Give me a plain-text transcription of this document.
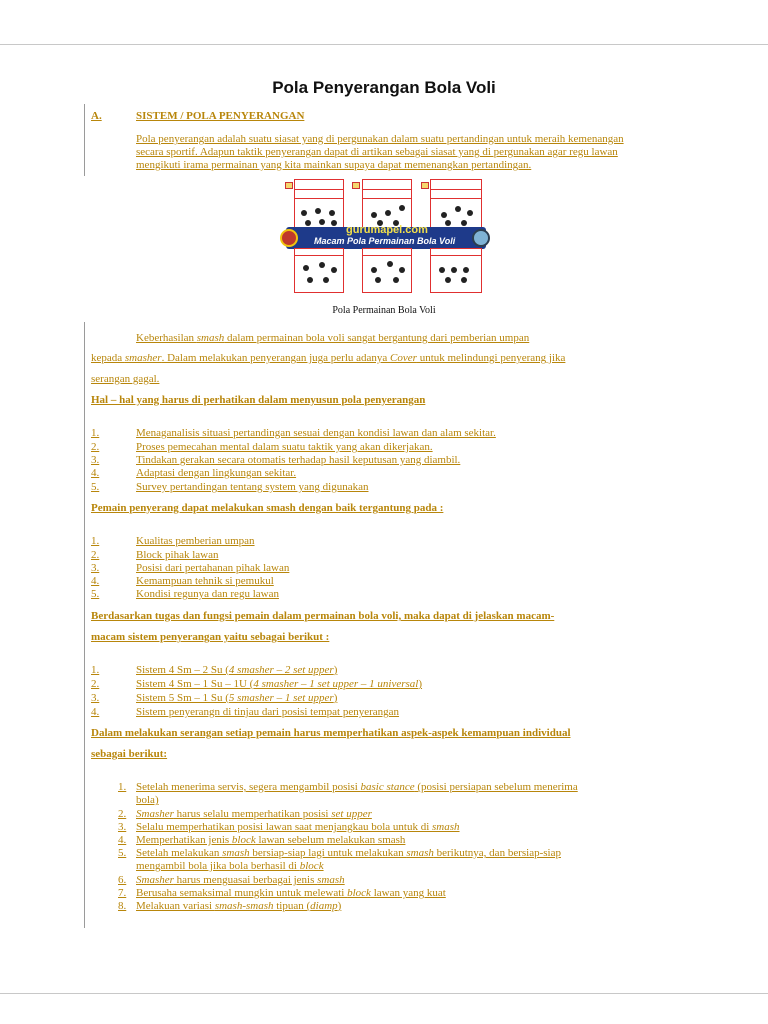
Pola Penyerangan Bola Voli
A.	SISTEM / POLA PENYERANGAN
Pola penyerangan adalah suatu siasat yang di pergunakan dalam suatu pertandingan untuk meraih kemenangan
secara sportif. Adapun taktik penyerangan dapat di artikan sebagai siasat yang di pergunakan agar regu lawan
mengikuti irama permainan yang kita mainkan supaya dapat memenangkan pertandingan.
gurumapel.com
Macam Pola Permainan Bola Voli
Pola Permainan Bola Voli
Keberhasilan smash dalam permainan bola voli sangat bergantung dari pemberian umpan
kepada smasher. Dalam melakukan penyerangan juga perlu adanya Cover untuk melindungi penyerang jika
serangan gagal.
Hal – hal yang harus di perhatikan dalam menyusun pola penyerangan
1.	Menaganalisis situasi pertandingan sesuai dengan kondisi lawan dan alam sekitar.
2.	Proses pemecahan mental dalam suatu taktik yang akan dikerjakan.
3.	Tindakan gerakan secara otomatis terhadap hasil keputusan yang diambil.
4.	Adaptasi dengan lingkungan sekitar.
5.	Survey pertandingan tentang system yang digunakan
Pemain penyerang dapat melakukan smash dengan baik tergantung pada :
1.	Kualitas pemberian umpan
2.	Block pihak lawan
3.	Posisi dari pertahanan pihak lawan
4.	Kemampuan tehnik si pemukul
5.	Kondisi regunya dan regu lawan
Berdasarkan tugas dan fungsi pemain dalam permainan bola voli, maka dapat di jelaskan macam-
macam sistem penyerangan yaitu sebagai berikut :
1.	Sistem 4 Sm – 2 Su (4 smasher – 2 set upper)
2.	Sistem 4 Sm – 1 Su – 1U (4 smasher – 1 set upper – 1 universal)
3.	Sistem 5 Sm – 1 Su (5 smasher – 1 set upper)
4.	Sistem penyerangn di tinjau dari posisi tempat penyerangan
Dalam melakukan serangan setiap pemain harus memperhatikan aspek-aspek kemampuan individual
sebagai berikut:
1. Setelah menerima servis, segera mengambil posisi basic stance (posisi persiapan sebelum menerima
bola)
2. Smasher harus selalu memperhatikan posisi set upper
3. Selalu memperhatikan posisi lawan saat menjangkau bola untuk di smash
4. Memperhatikan jenis block lawan sebelum melakukan smash
5. Setelah melakukan smash bersiap-siap lagi untuk melakukan smash berikutnya, dan bersiap-siap
mengambil bola jika bola berhasil di block
6. Smasher harus menguasai berbagai jenis smash
7. Berusaha semaksimal mungkin untuk melewati block lawan yang kuat
8. Melakuan variasi smash-smash tipuan (diamp)
